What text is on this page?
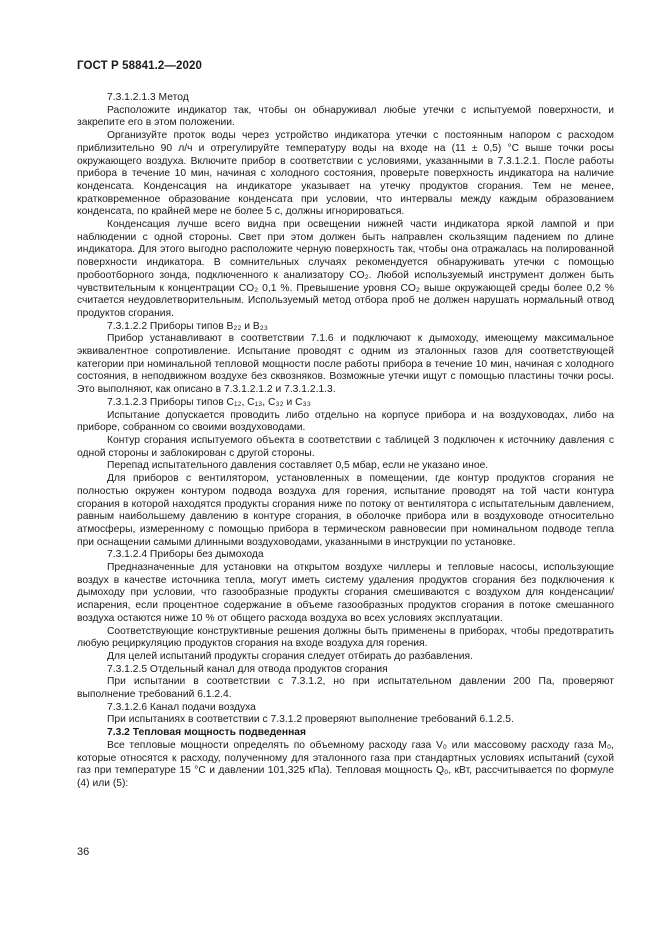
ГОСТ Р 58841.2—2020

7.3.1.2.1.3 Метод

Расположите индикатор так, чтобы он обнаруживал любые утечки с испытуемой поверхности, и закрепите его в этом положении.

Организуйте проток воды через устройство индикатора утечки с постоянным напором с расходом приблизительно 90 л/ч и отрегулируйте температуру воды на входе на (11 ± 0,5) °C выше точки росы окружающего воздуха. Включите прибор в соответствии с условиями, указанными в 7.3.1.2.1. После работы прибора в течение 10 мин, начиная с холодного состояния, проверьте поверхность индикатора на наличие конденсата. Конденсация на индикаторе указывает на утечку продуктов сгорания. Тем не менее, кратковременное образование конденсата при условии, что интервалы между каждым образованием конденсата, по крайней мере не более 5 с, должны игнорироваться.

Конденсация лучше всего видна при освещении нижней части индикатора яркой лампой и при наблюдении с одной стороны. Свет при этом должен быть направлен скользящим падением по длине индикатора. Для этого выгодно расположите черную поверхность так, чтобы она отражалась на полированной поверхности индикатора. В сомнительных случаях рекомендуется обнаруживать утечки с помощью пробоотборного зонда, подключенного к анализатору CO₂. Любой используемый инструмент должен быть чувствительным к концентрации CO₂ 0,1 %. Превышение уровня CO₂ выше окружающей среды более 0,2 % считается неудовлетворительным. Используемый метод отбора проб не должен нарушать нормальный отвод продуктов сгорания.

7.3.1.2.2 Приборы типов B₂₂ и B₂₃

Прибор устанавливают в соответствии 7.1.6 и подключают к дымоходу, имеющему максимальное эквивалентное сопротивление. Испытание проводят с одним из эталонных газов для соответствующей категории при номинальной тепловой мощности после работы прибора в течение 10 мин, начиная с холодного состояния, в неподвижном воздухе без сквозняков. Возможные утечки ищут с помощью пластины точки росы. Это выполняют, как описано в 7.3.1.2.1.2 и 7.3.1.2.1.3.

7.3.1.2.3 Приборы типов C₁₂, C₁₃, C₃₂ и C₃₃

Испытание допускается проводить либо отдельно на корпусе прибора и на воздуховодах, либо на приборе, собранном со своими воздуховодами.

Контур сгорания испытуемого объекта в соответствии с таблицей 3 подключен к источнику давления с одной стороны и заблокирован с другой стороны.

Перепад испытательного давления составляет 0,5 мбар, если не указано иное.

Для приборов с вентилятором, установленных в помещении, где контур продуктов сгорания не полностью окружен контуром подвода воздуха для горения, испытание проводят на той части контура сгорания в которой находятся продукты сгорания ниже по потоку от вентилятора с испытательным давлением, равным наибольшему давлению в контуре сгорания, в оболочке прибора или в воздуховоде относительно атмосферы, измеренному с помощью прибора в термическом равновесии при номинальном подводе тепла при оснащении самыми длинными воздуховодами, указанными в инструкции по установке.

7.3.1.2.4 Приборы без дымохода

Предназначенные для установки на открытом воздухе чиллеры и тепловые насосы, использующие воздух в качестве источника тепла, могут иметь систему удаления продуктов сгорания без подключения к дымоходу при условии, что газообразные продукты сгорания смешиваются с воздухом для конденсации/испарения, если процентное содержание в объеме газообразных продуктов сгорания в потоке смешанного воздуха остаются ниже 10 % от общего расхода воздуха во всех условиях эксплуатации.

Соответствующие конструктивные решения должны быть применены в приборах, чтобы предотвратить любую рециркуляцию продуктов сгорания на входе воздуха для горения.

Для целей испытаний продукты сгорания следует отбирать до разбавления.

7.3.1.2.5 Отдельный канал для отвода продуктов сгорания

При испытании в соответствии с 7.3.1.2, но при испытательном давлении 200 Па, проверяют выполнение требований 6.1.2.4.

7.3.1.2.6 Канал подачи воздуха

При испытаниях в соответствии с 7.3.1.2 проверяют выполнение требований 6.1.2.5.

7.3.2 Тепловая мощность подведенная

Все тепловые мощности определять по объемному расходу газа V₀ или массовому расходу газа M₀, которые относятся к расходу, полученному для эталонного газа при стандартных условиях испытаний (сухой газ при температуре 15 °C и давлении 101,325 кПа). Тепловая мощность Q₀, кВт, рассчитывается по формуле (4) или (5):

36
